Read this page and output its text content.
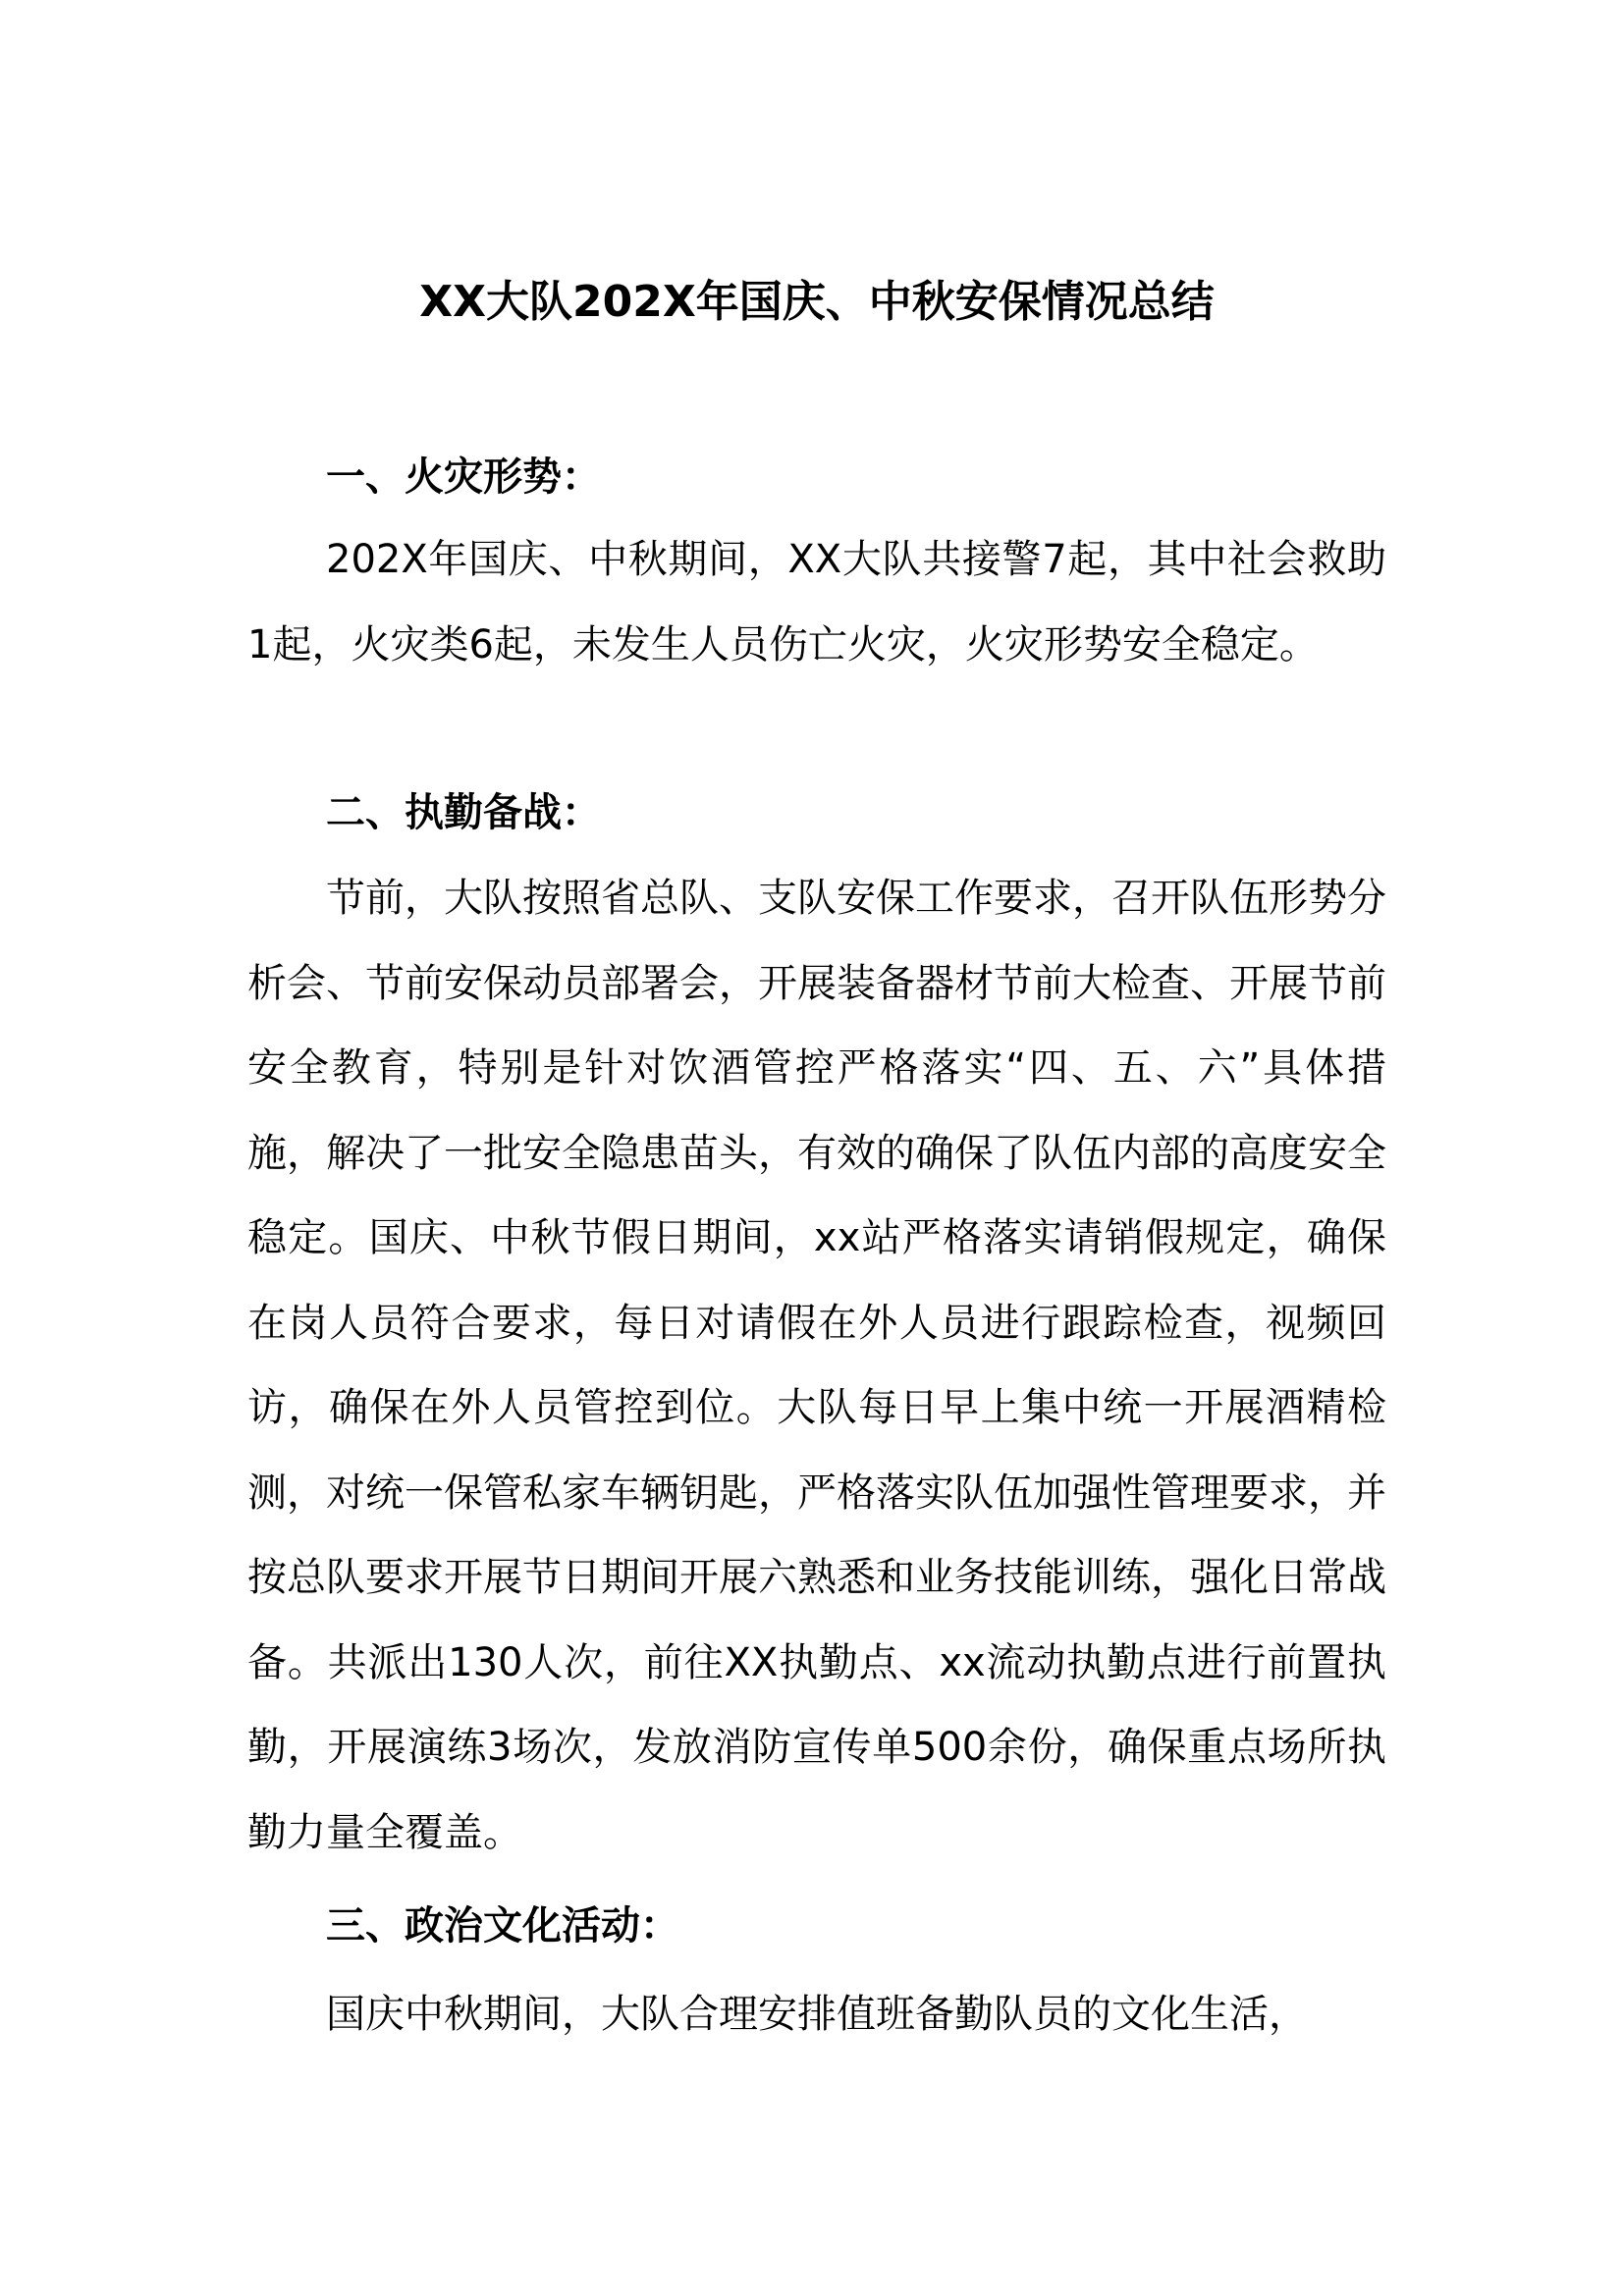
XX大队202X年国庆、中秋安保情况总结
一、火灾形势：

202X年国庆、中秋期间，XX大队共接警7起，其中社会救助1起，火灾类6起，未发生人员伤亡火灾，火灾形势安全稳定。

二、执勤备战：

节前，大队按照省总队、支队安保工作要求，召开队伍形势分析会、节前安保动员部署会，开展装备器材节前大检查、开展节前安全教育，特别是针对饮酒管控严格落实“四、五、六”具体措施，解决了一批安全隐患苗头，有效的确保了队伍内部的高度安全稳定。国庆、中秋节假日期间，xx站严格落实请销假规定，确保在岗人员符合要求，每日对请假在外人员进行跟踪检查，视频回访，确保在外人员管控到位。大队每日早上集中统一开展酒精检测，对统一保管私家车辆钥匙，严格落实队伍加强性管理要求，并按总队要求开展节日期间开展六熟悉和业务技能训练，强化日常战备。共派出130人次，前往XX执勤点、xx流动执勤点进行前置执勤，开展演练3场次，发放消防宣传单500余份，确保重点场所执勤力量全覆盖。

三、政治文化活动：

国庆中秋期间，大队合理安排值班备勤队员的文化生活，
